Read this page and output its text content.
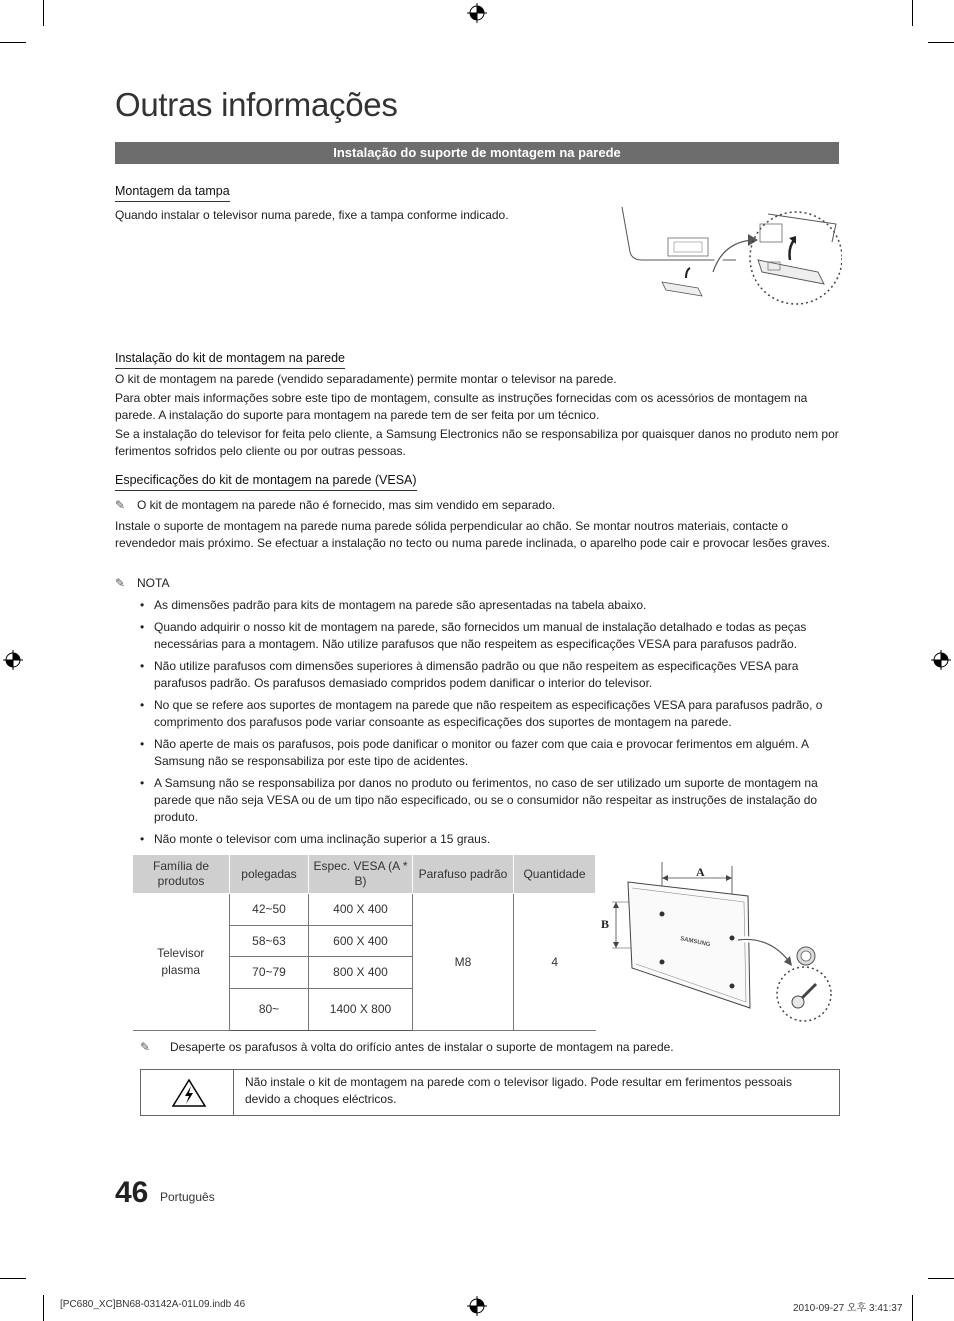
Outras informações
Instalação do suporte de montagem na parede
Montagem da tampa
Quando instalar o televisor numa parede, fixe a tampa conforme indicado.
Instalação do kit de montagem na parede
O kit de montagem na parede (vendido separadamente) permite montar o televisor na parede.
Para obter mais informações sobre este tipo de montagem, consulte as instruções fornecidas com os acessórios de montagem na parede. A instalação do suporte para montagem na parede tem de ser feita por um técnico.
Se a instalação do televisor for feita pelo cliente, a Samsung Electronics não se responsabiliza por quaisquer danos no produto nem por ferimentos sofridos pelo cliente ou por outras pessoas.
Especificações do kit de montagem na parede (VESA)
✎ O kit de montagem na parede não é fornecido, mas sim vendido em separado.
Instale o suporte de montagem na parede numa parede sólida perpendicular ao chão. Se montar noutros materiais, contacte o revendedor mais próximo. Se efectuar a instalação no tecto ou numa parede inclinada, o aparelho pode cair e provocar lesões graves.
✎ NOTA
• As dimensões padrão para kits de montagem na parede são apresentadas na tabela abaixo.
• Quando adquirir o nosso kit de montagem na parede, são fornecidos um manual de instalação detalhado e todas as peças necessárias para a montagem. Não utilize parafusos que não respeitem as especificações VESA para parafusos padrão.
• Não utilize parafusos com dimensões superiores à dimensão padrão ou que não respeitem as especificações VESA para parafusos padrão. Os parafusos demasiado compridos podem danificar o interior do televisor.
• No que se refere aos suportes de montagem na parede que não respeitem as especificações VESA para parafusos padrão, o comprimento dos parafusos pode variar consoante as especificações dos suportes de montagem na parede.
• Não aperte de mais os parafusos, pois pode danificar o monitor ou fazer com que caia e provocar ferimentos em alguém. A Samsung não se responsabiliza por este tipo de acidentes.
• A Samsung não se responsabiliza por danos no produto ou ferimentos, no caso de ser utilizado um suporte de montagem na parede que não seja VESA ou de um tipo não especificado, ou se o consumidor não respeitar as instruções de instalação do produto.
• Não monte o televisor com uma inclinação superior a 15 graus.
Família de produtos	polegadas	Espec. VESA (A * B)	Parafuso padrão	Quantidade
Televisor plasma	42~50	400 X 400	M8	4
	58~63	600 X 400		
	70~79	800 X 400		
	80~	1400 X 800		
A
B
SAMSUNG
✎ Desaperte os parafusos à volta do orifício antes de instalar o suporte de montagem na parede.
Não instale o kit de montagem na parede com o televisor ligado. Pode resultar em ferimentos pessoais devido a choques eléctricos.
46 Português
[PC680_XC]BN68-03142A-01L09.indb 46	2010-09-27 오후 3:41:37
